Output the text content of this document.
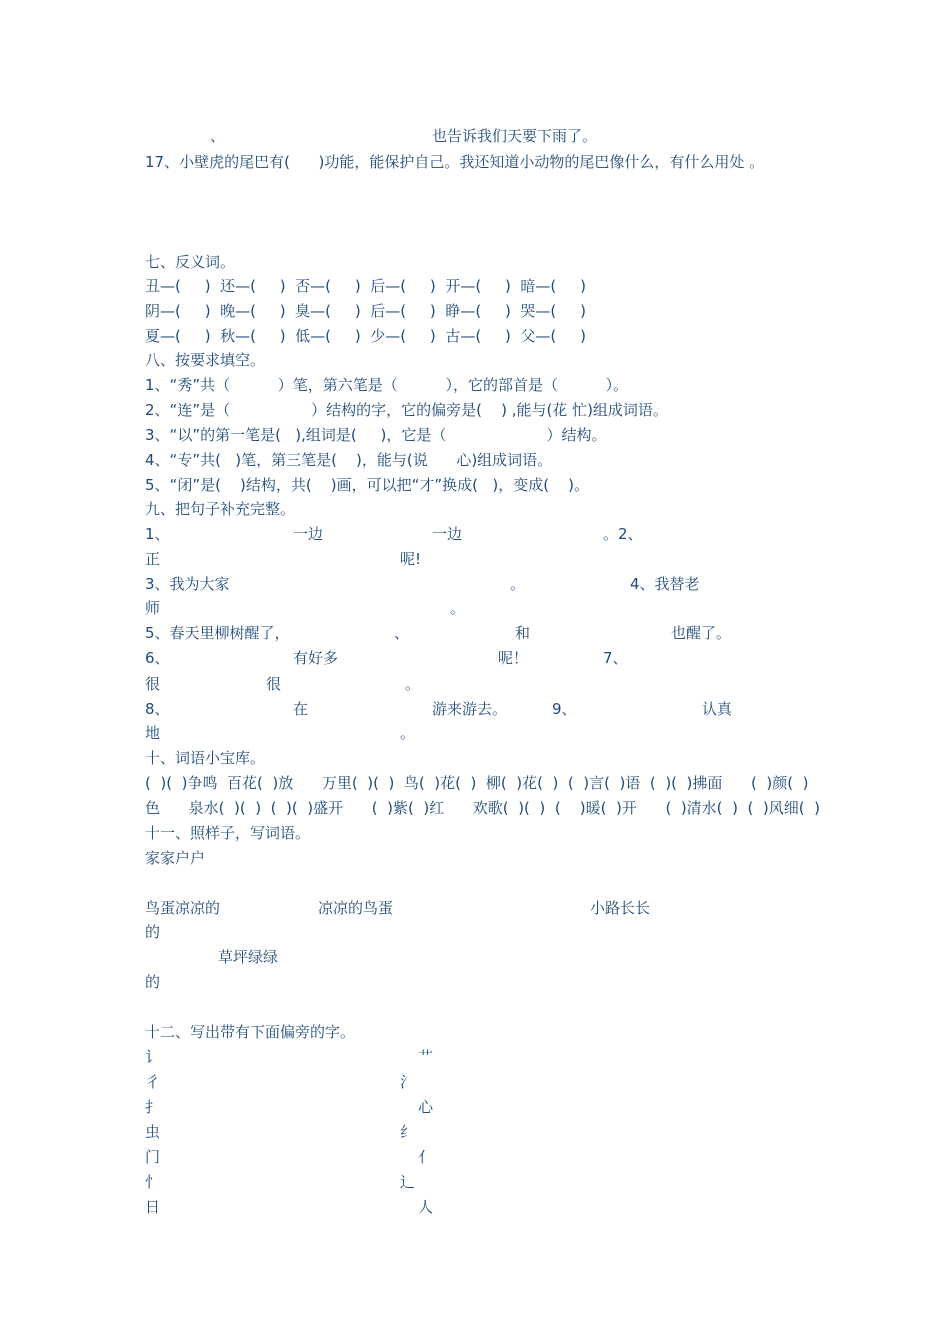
、	也告诉我们天要下雨了。
17、小壁虎的尾巴有(      )功能，能保护自己。我还知道小动物的尾巴像什么，有什么用处 。
七、反义词。
丑—(     )  还—(     )  否—(     )  后—(     )  开—(     )  暗—(     )
阴—(     )  晚—(     )  臭—(     )  后—(     )  睁—(     )  哭—(     )
夏—(     )  秋—(     )  低—(     )  少—(     )  古—(     )  父—(     )
八、按要求填空。
1、“秀”共（          ）笔，第六笔是（          ），它的部首是（          ）。
2、“连”是（                 ）结构的字，它的偏旁是(    ) ,能与(花 忙)组成词语。
3、“以”的第一笔是(   ),组词是(     )，它是（                     ）结构。
4、“专”共(   )笔，第三笔是(    )，能与(说      心)组成词语。
5、“闭”是(    )结构，共(    )画，可以把“才”换成(   )，变成(    )。
九、把句子补充完整。
1、	一边	一边	。2、
正	呢!
3、我为大家	。	4、我替老
师	。
5、春天里柳树醒了，	、	和	也醒了。
6、	有好多	呢！	7、
很	很	。
8、	在	游来游去。	9、	认真
地	。
十、词语小宝库。
(  )(  )争鸣  百花(  )放      万里(  )(  )  鸟(  )花(  )  柳(  )花(  )  (  )言(  )语  (  )(  )拂面      (  )颜(  )
色      泉水(  )(  )  (  )(  )盛开      (  )紫(  )红      欢歌(  )(  )  (    )暖(  )开      (  )清水(  )  (  )风细(  )
十一、照样子，写词语。
家家户户
鸟蛋凉凉的	凉凉的鸟蛋	小路长长
的
草坪绿绿
的
十二、写出带有下面偏旁的字。
讠	艹
彳	氵
扌	心
虫	纟
门	亻
忄	辶
日	人
